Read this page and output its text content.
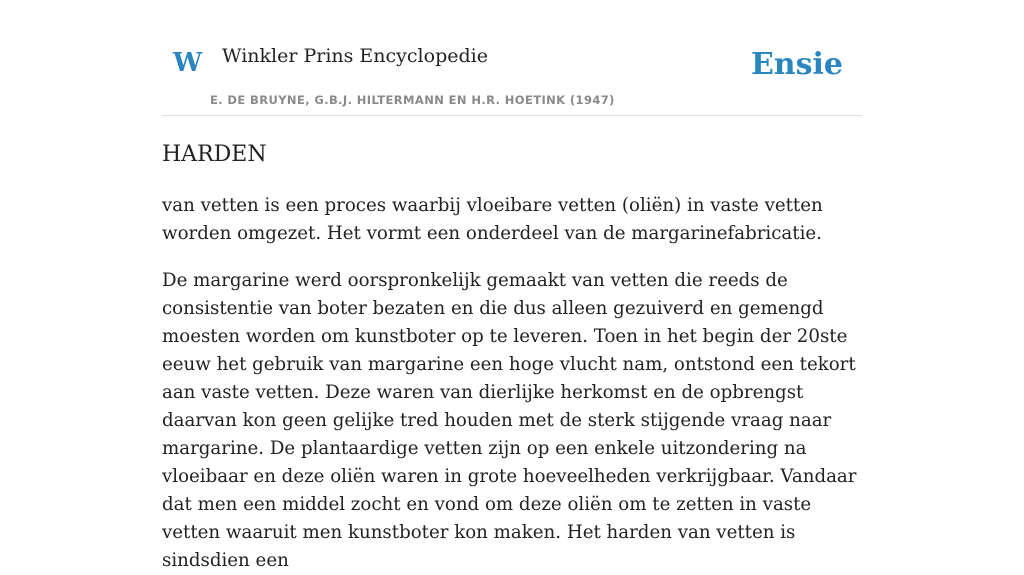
W Winkler Prins Encyclopedie
E. DE BRUYNE, G.B.J. HILTERMANN EN H.R. HOETINK (1947)
Ensie
HARDEN

van vetten is een proces waarbij vloeibare vetten (oliën) in vaste vetten worden omgezet. Het vormt een onderdeel van de margarinefabricatie.

De margarine werd oorspronkelijk gemaakt van vetten die reeds de consistentie van boter bezaten en die dus alleen gezuiverd en gemengd moesten worden om kunstboter op te leveren. Toen in het begin der 20ste eeuw het gebruik van margarine een hoge vlucht nam, ontstond een tekort aan vaste vetten. Deze waren van dierlijke herkomst en de opbrengst daarvan kon geen gelijke tred houden met de sterk stijgende vraag naar margarine. De plantaardige vetten zijn op een enkele uitzondering na vloeibaar en deze oliën waren in grote hoeveelheden verkrijgbaar. Vandaar dat men een middel zocht en vond om deze oliën om te zetten in vaste vetten waaruit men kunstboter kon maken. Het harden van vetten is sindsdien een
